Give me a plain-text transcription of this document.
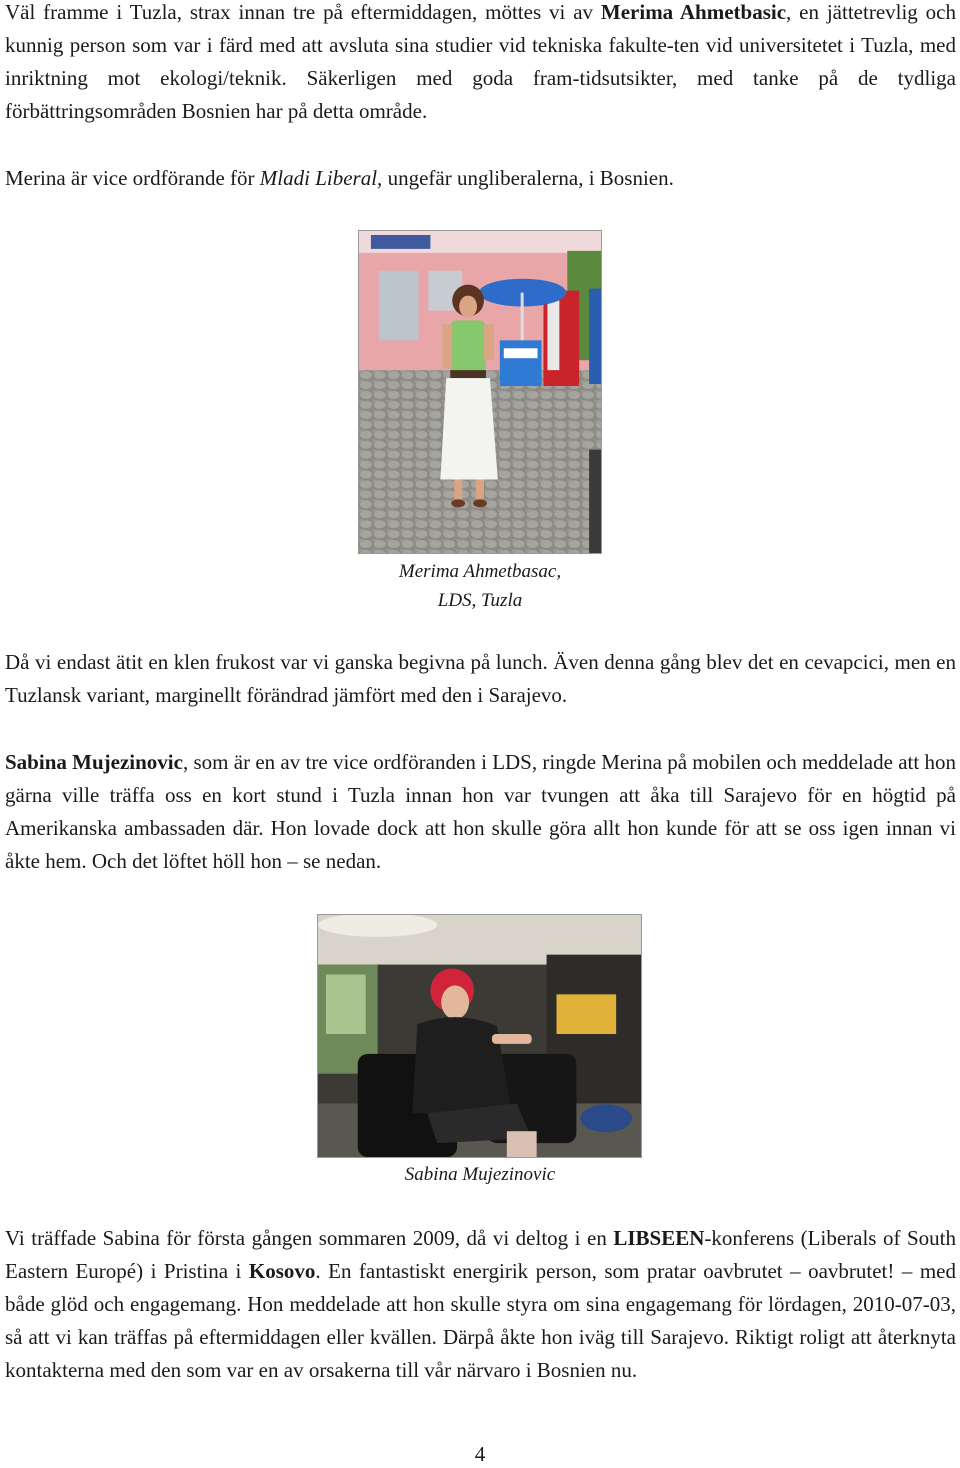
Väl framme i Tuzla, strax innan tre på eftermiddagen, möttes vi av Merima Ahmetbasic, en jättetrevlig och kunnig person som var i färd med att avsluta sina studier vid tekniska fakulte-ten vid universitetet i Tuzla, med inriktning mot ekologi/teknik. Säkerligen med goda fram-tidsutsikter, med tanke på de tydliga förbättringsområden Bosnien har på detta område.

Merina är vice ordförande för Mladi Liberal, ungefär ungliberalerna, i Bosnien.

Merima Ahmetbasac,
LDS, Tuzla

Då vi endast ätit en klen frukost var vi ganska begivna på lunch. Även denna gång blev det en cevapcici, men en Tuzlansk variant, marginellt förändrad jämfört med den i Sarajevo.

Sabina Mujezinovic, som är en av tre vice ordföranden i LDS, ringde Merina på mobilen och meddelade att hon gärna ville träffa oss en kort stund i Tuzla innan hon var tvungen att åka till Sarajevo för en högtid på Amerikanska ambassaden där. Hon lovade dock att hon skulle göra allt hon kunde för att se oss igen innan vi åkte hem. Och det löftet höll hon – se nedan.

Sabina Mujezinovic

Vi träffade Sabina för första gången sommaren 2009, då vi deltog i en LIBSEEN-konferens (Liberals of South Eastern Europé) i Pristina i Kosovo. En fantastiskt energirik person, som pratar oavbrutet – oavbrutet! – med både glöd och engagemang. Hon meddelade att hon skulle styra om sina engagemang för lördagen, 2010-07-03, så att vi kan träffas på eftermiddagen eller kvällen. Därpå åkte hon iväg till Sarajevo. Riktigt roligt att återknyta kontakterna med den som var en av orsakerna till vår närvaro i Bosnien nu.

4
